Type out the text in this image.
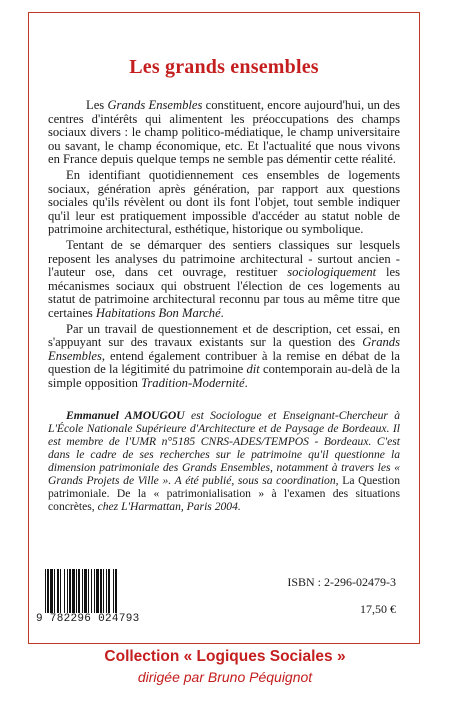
Les grands ensembles

Les Grands Ensembles constituent, encore aujourd'hui, un des centres d'intérêts qui alimentent les préoccupations des champs sociaux divers : le champ politico-médiatique, le champ universitaire ou savant, le champ économique, etc. Et l'actualité que nous vivons en France depuis quelque temps ne semble pas démentir cette réalité.

En identifiant quotidiennement ces ensembles de logements sociaux, génération après génération, par rapport aux questions sociales qu'ils révèlent ou dont ils font l'objet, tout semble indiquer qu'il leur est pratiquement impossible d'accéder au statut noble de patrimoine architectural, esthétique, historique ou symbolique.

Tentant de se démarquer des sentiers classiques sur lesquels reposent les analyses du patrimoine architectural - surtout ancien - l'auteur ose, dans cet ouvrage, restituer sociologiquement les mécanismes sociaux qui obstruent l'élection de ces logements au statut de patrimoine architectural reconnu par tous au même titre que certaines Habitations Bon Marché.

Par un travail de questionnement et de description, cet essai, en s'appuyant sur des travaux existants sur la question des Grands Ensembles, entend également contribuer à la remise en débat de la question de la légitimité du patrimoine dit contemporain au-delà de la simple opposition Tradition-Modernité.

Emmanuel AMOUGOU est Sociologue et Enseignant-Chercheur à L'École Nationale Supérieure d'Architecture et de Paysage de Bordeaux. Il est membre de l'UMR n°5185 CNRS-ADES/TEMPOS - Bordeaux. C'est dans le cadre de ses recherches sur le patrimoine qu'il questionne la dimension patrimoniale des Grands Ensembles, notamment à travers les « Grands Projets de Ville ». A été publié, sous sa coordination, La Question patrimoniale. De la « patrimonialisation » à l'examen des situations concrètes, chez L'Harmattan, Paris 2004.
9 782296 024793
ISBN : 2-296-02479-3
17,50 €
Collection « Logiques Sociales »
dirigée par Bruno Péquignot
